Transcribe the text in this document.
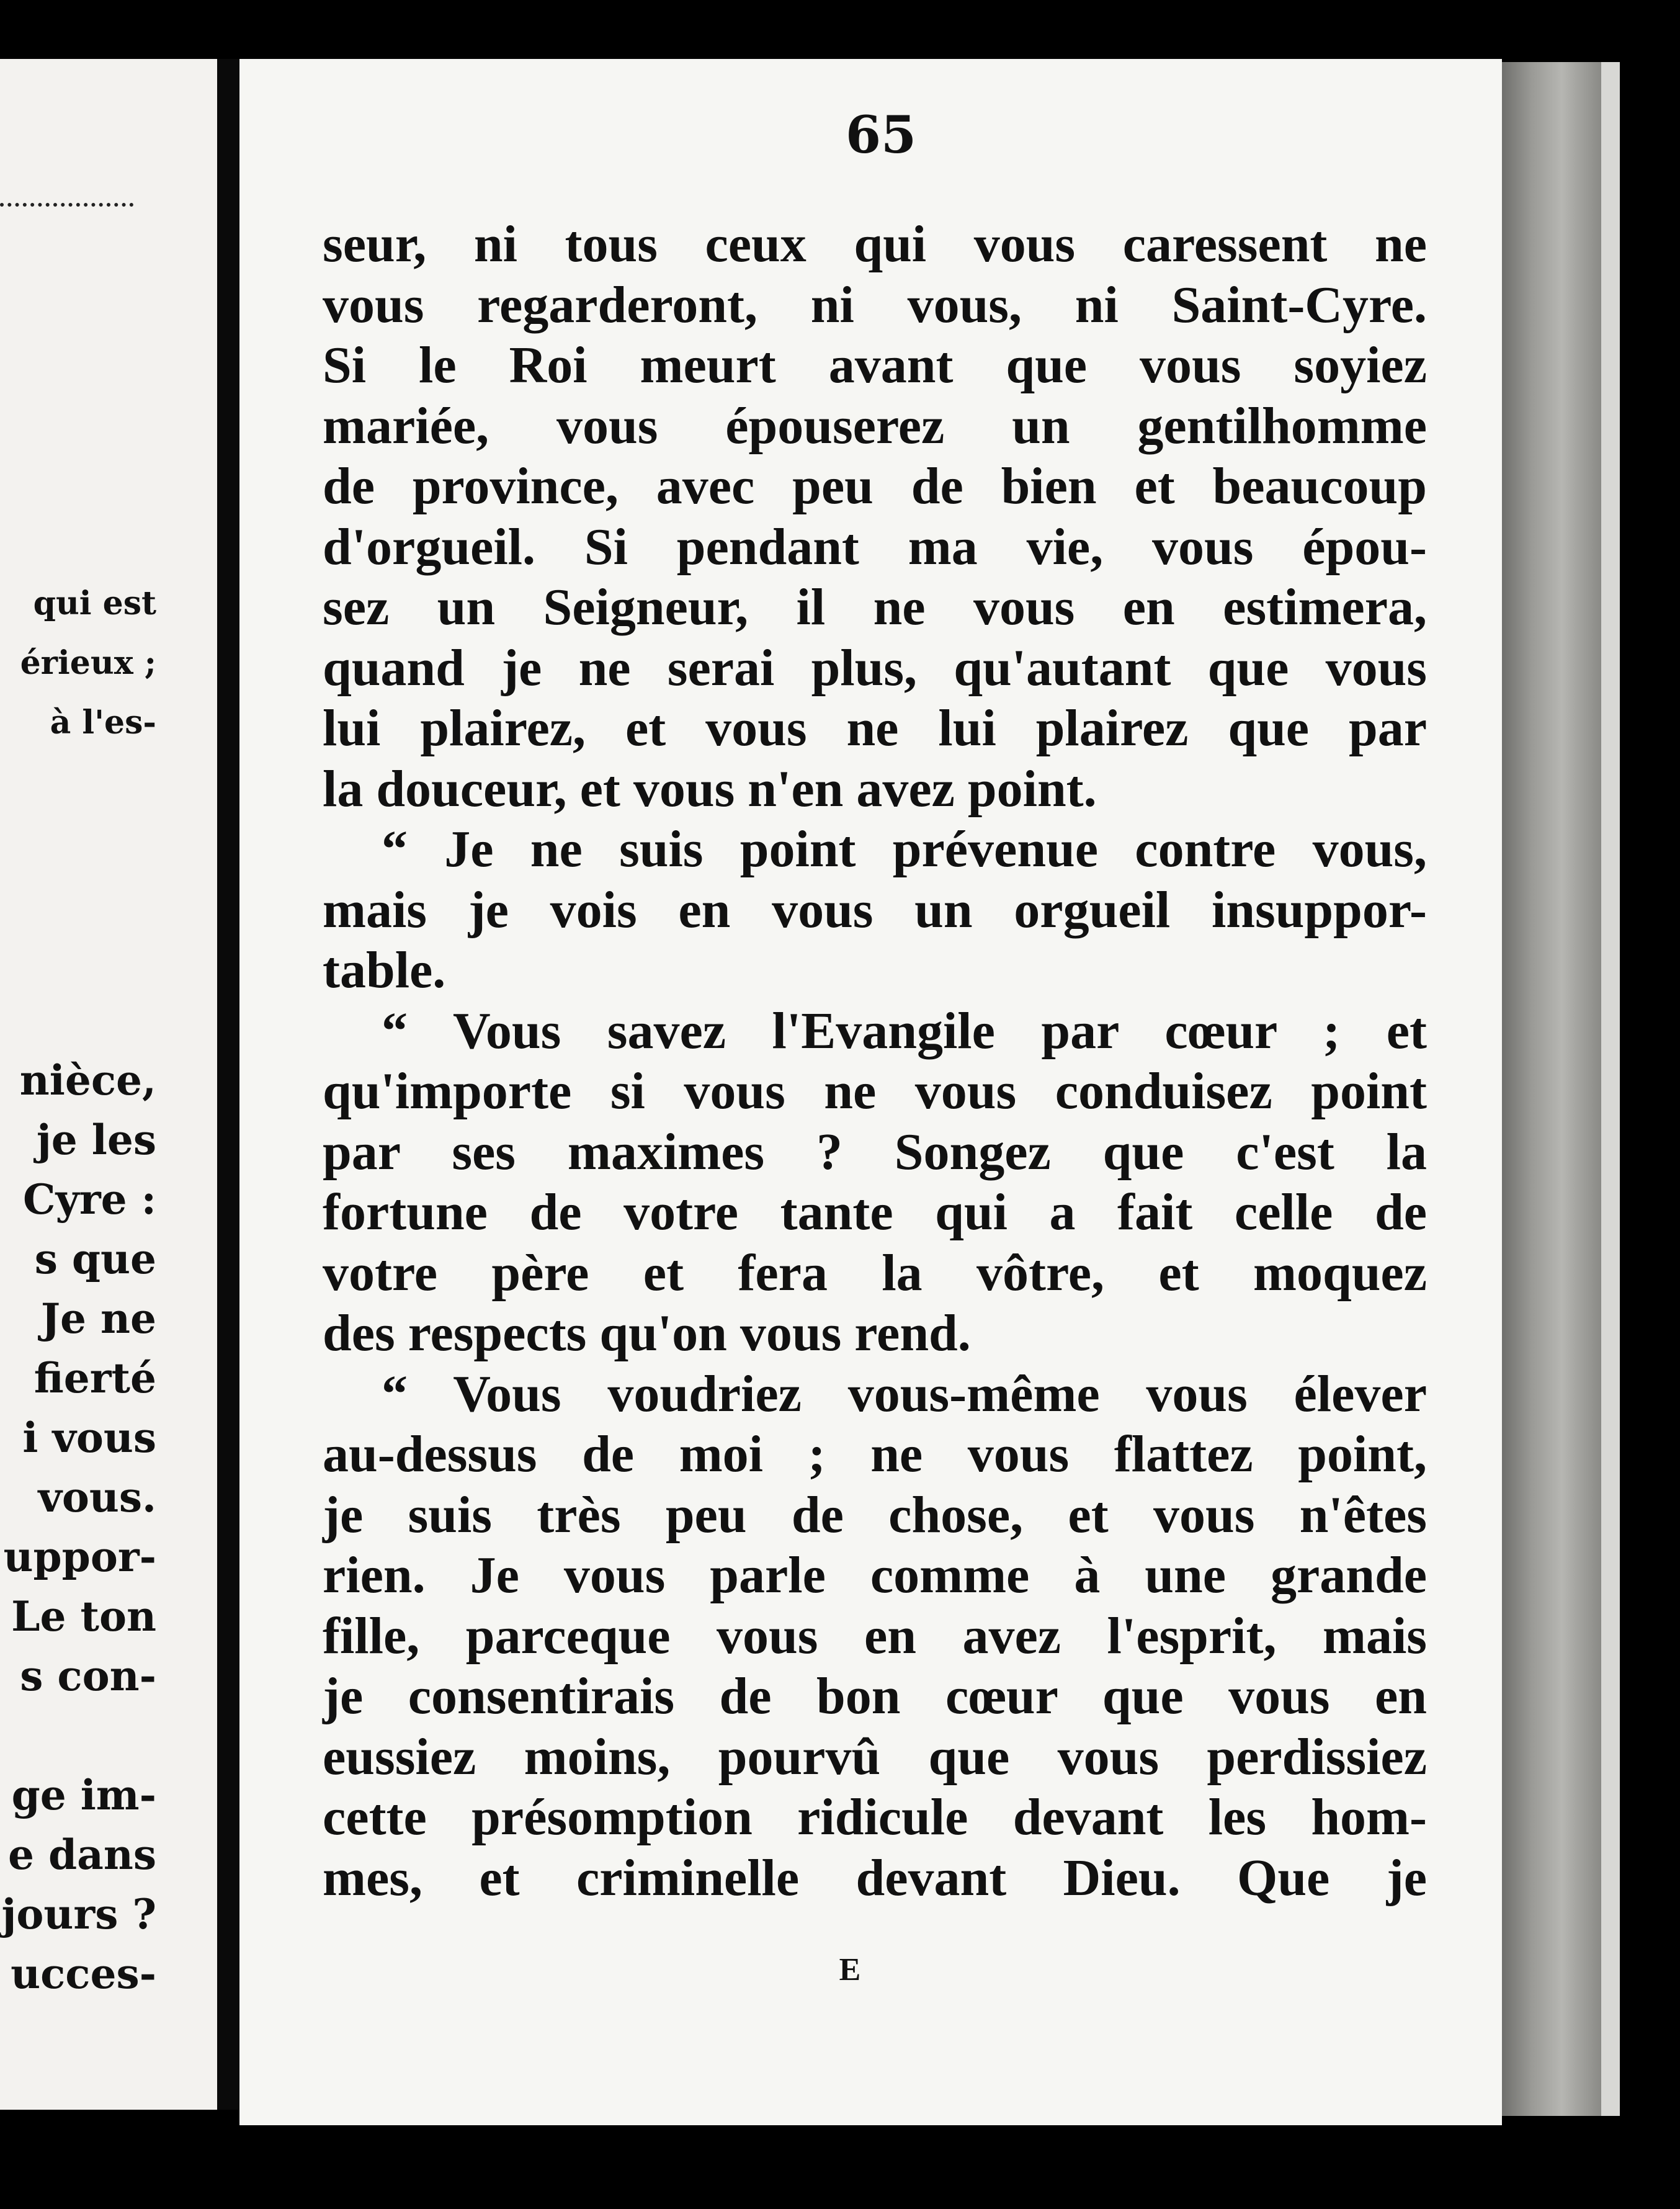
qui est
érieux ;
à l'es-
nièce,
je les
Cyre :
s que
Je ne
fierté
i vous
vous.
uppor-
Le ton
s con-
ge im-
e dans
jours ?
ucces-

65

seur, ni tous ceux qui vous caressent ne
vous regarderont, ni vous, ni Saint-Cyre.
Si le Roi meurt avant que vous soyiez
mariée, vous épouserez un gentilhomme
de province, avec peu de bien et beaucoup
d'orgueil. Si pendant ma vie, vous épou-
sez un Seigneur, il ne vous en estimera,
quand je ne serai plus, qu'autant que vous
lui plairez, et vous ne lui plairez que par
la douceur, et vous n'en avez point.
“ Je ne suis point prévenue contre vous,
mais je vois en vous un orgueil insuppor-
table.
“ Vous savez l'Evangile par cœur ; et
qu'importe si vous ne vous conduisez point
par ses maximes ? Songez que c'est la
fortune de votre tante qui a fait celle de
votre père et fera la vôtre, et moquez
des respects qu'on vous rend.
“ Vous voudriez vous-même vous élever
au-dessus de moi ; ne vous flattez point,
je suis très peu de chose, et vous n'êtes
rien. Je vous parle comme à une grande
fille, parceque vous en avez l'esprit, mais
je consentirais de bon cœur que vous en
eussiez moins, pourvû que vous perdissiez
cette présomption ridicule devant les hom-
mes, et criminelle devant Dieu. Que je

E
